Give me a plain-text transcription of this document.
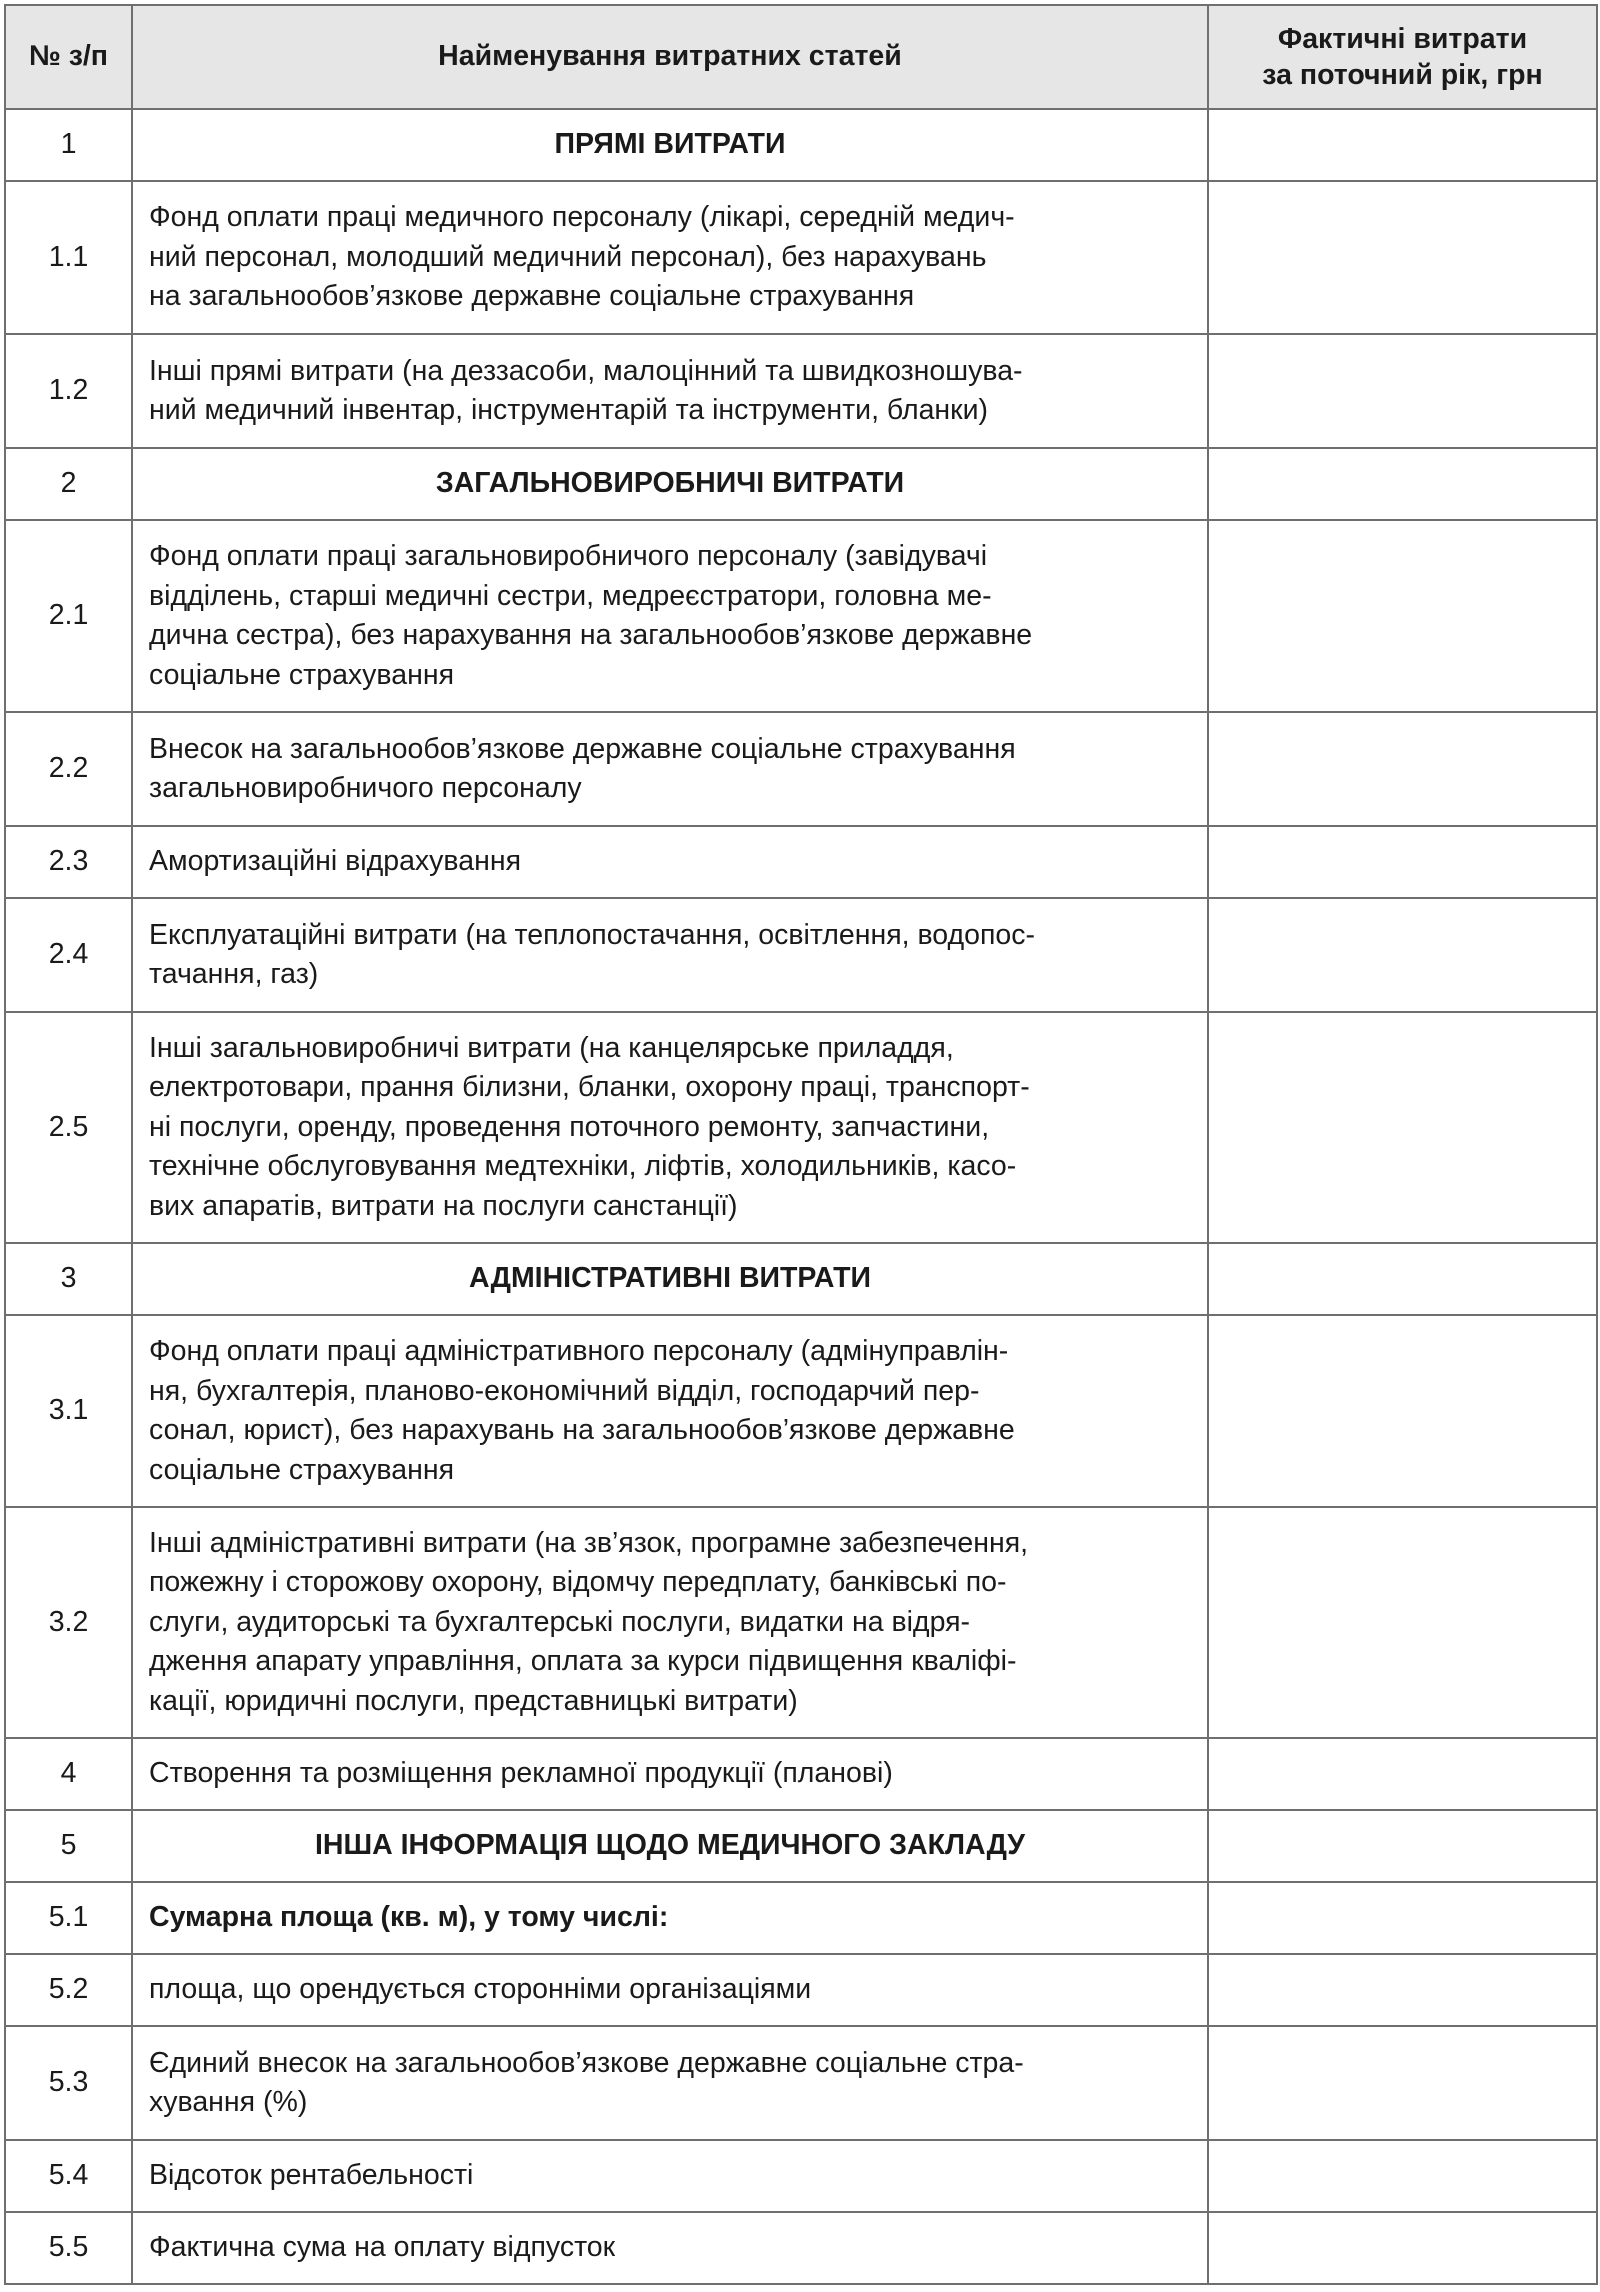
№ з/п	Найменування витратних статей	Фактичні витрати
за поточний рік, грн

1	ПРЯМІ ВИТРАТИ	

1.1	Фонд оплати праці медичного персоналу (лікарі, середній медич-
ний персонал, молодший медичний персонал), без нарахувань
на загальнообов’язкове державне соціальне страхування	

1.2	Інші прямі витрати (на деззасоби, малоцінний та швидкозношува-
ний медичний інвентар, інструментарій та інструменти, бланки)	

2	ЗАГАЛЬНОВИРОБНИЧІ ВИТРАТИ	

2.1	Фонд оплати праці загальновиробничого персоналу (завідувачі
відділень, старші медичні сестри, медреєстратори, головна ме-
дична сестра), без нарахування на загальнообов’язкове державне
соціальне страхування	

2.2	Внесок на загальнообов’язкове державне соціальне страхування
загальновиробничого персоналу	

2.3	Амортизаційні відрахування	

2.4	Експлуатаційні витрати (на теплопостачання, освітлення, водопос-
тачання, газ)	

2.5	Інші загальновиробничі витрати (на канцелярське приладдя,
електротовари, прання білизни, бланки, охорону праці, транспорт-
ні послуги, оренду, проведення поточного ремонту, запчастини,
технічне обслуговування медтехніки, ліфтів, холодильників, касо-
вих апаратів, витрати на послуги санстанції)	

3	АДМІНІСТРАТИВНІ ВИТРАТИ	

3.1	Фонд оплати праці адміністративного персоналу (адмінуправлін-
ня, бухгалтерія, планово-економічний відділ, господарчий пер-
сонал, юрист), без нарахувань на загальнообов’язкове державне
соціальне страхування	

3.2	Інші адміністративні витрати (на зв’язок, програмне забезпечення,
пожежну і сторожову охорону, відомчу передплату, банківські по-
слуги, аудиторські та бухгалтерські послуги, видатки на відря-
дження апарату управління, оплата за курси підвищення кваліфі-
кації, юридичні послуги, представницькі витрати)	

4	Створення та розміщення рекламної продукції (планові)	

5	ІНША ІНФОРМАЦІЯ ЩОДО МЕДИЧНОГО ЗАКЛАДУ	

5.1	Сумарна площа (кв. м), у тому числі:	

5.2	площа, що орендується сторонніми організаціями	

5.3	Єдиний внесок на загальнообов’язкове державне соціальне стра-
хування (%)	

5.4	Відсоток рентабельності	

5.5	Фактична сума на оплату відпусток	
